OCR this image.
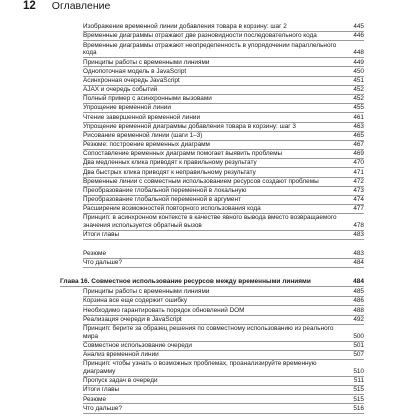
12 Оглавление
Изображение временной линии добавления товара в корзину: шаг 2	445
Временные диаграммы отражают две разновидности последовательного кода	446
Временные диаграммы отражают неопределенность в упорядочении параллельного кода	448
Принципы работы с временными линиями	449
Однопоточная модель в JavaScript	450
Асинхронная очередь JavaScript	451
AJAX и очередь событий	452
Полный пример с асинхронными вызовами	452
Упрощение временной линии	455
Чтение завершенной временной линии	461
Упрощение временной диаграммы добавления товара в корзину: шаг 3	463
Рисование временной линии (шаги 1–3)	465
Резюме: построение временных диаграмм	467
Сопоставление временных диаграмм помогает выявить проблемы	469
Два медленных клика приводят к правильному результату	470
Два быстрых клика приводят к неправильному результату	471
Временные линии с совместным использованием ресурсов создают проблемы	472
Преобразование глобальной переменной в локальную	473
Преобразование глобальной переменной в аргумент	474
Расширение возможностей повторного использования кода	477
Принцип: в асинхронном контексте в качестве явного вывода вместо возвращаемого значения используется обратный вызов	478
Итоги главы	483
Резюме	483
Что дальше?	484
Глава 16. Совместное использование ресурсов между временными линиями	484
Принципы работы с временными линиями	485
Корзина все еще содержит ошибку	486
Необходимо гарантировать порядок обновлений DOM	488
Реализация очереди в JavaScript	492
Принцип: берите за образец решения по совместному использованию из реального мира	500
Совместное использование очереди	501
Анализ временной линии	507
Принцип: чтобы узнать о возможных проблемах, проанализируйте временную диаграмму	510
Пропуск задач в очереди	511
Итоги главы	515
Резюме	515
Что дальше?	516
